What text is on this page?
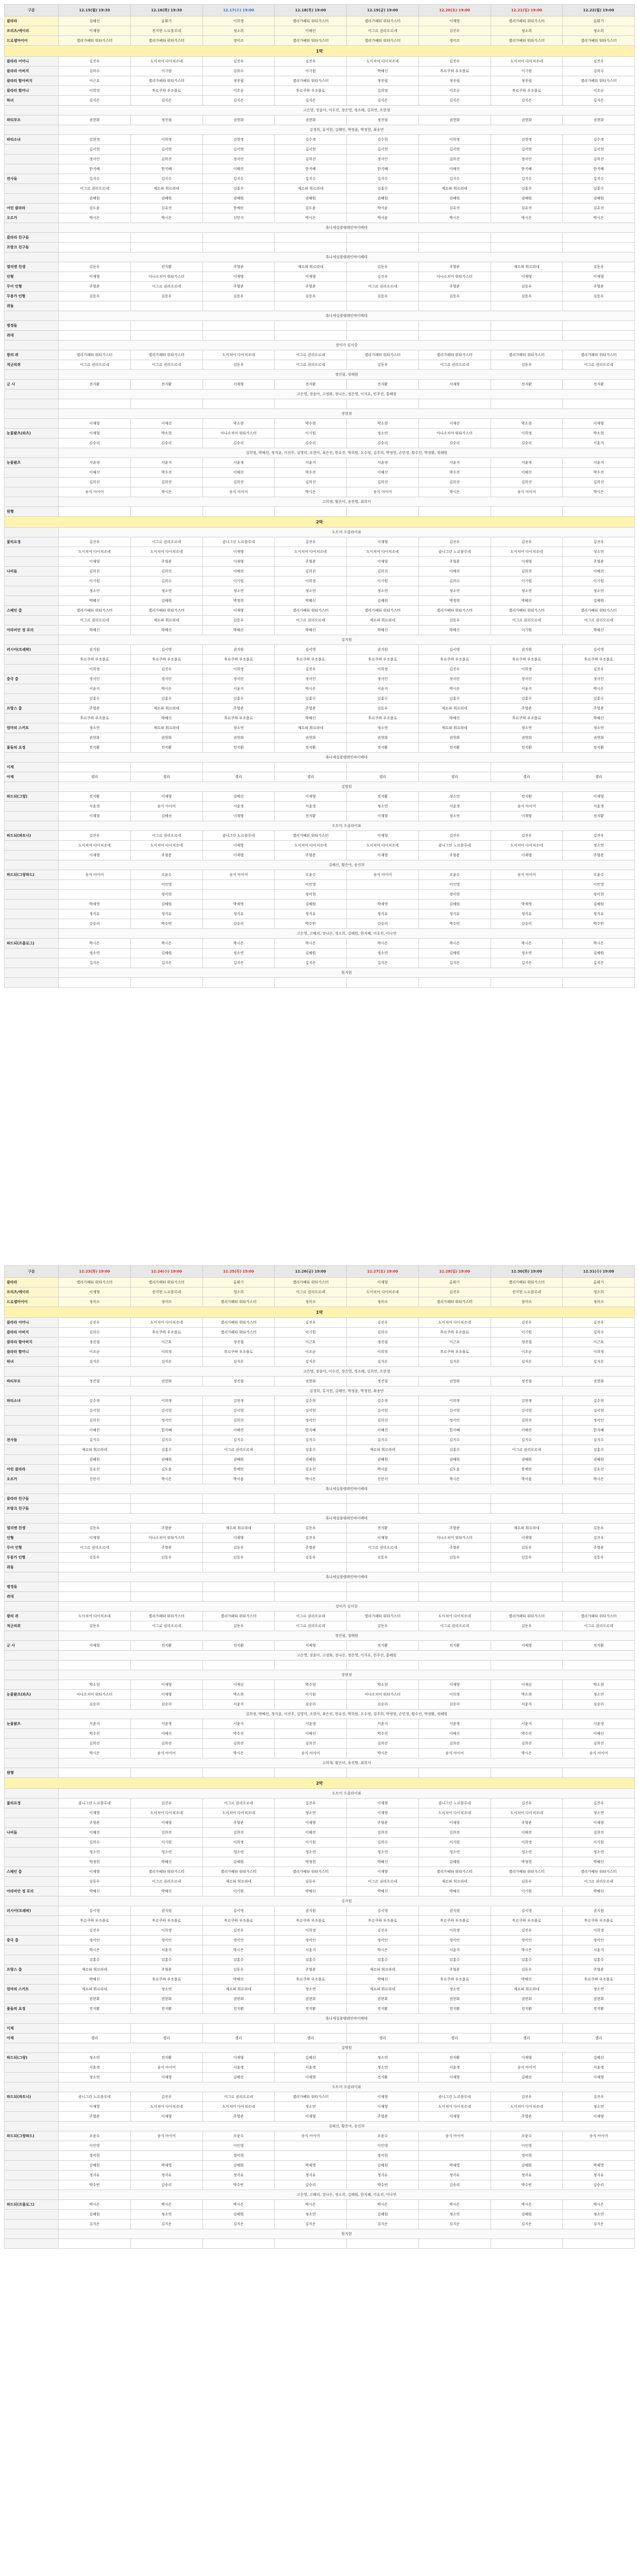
구분	12.15(월) 19:30	12.16(화) 19:30	12.17(수) 19:00	12.18(목) 19:00	12.19(금) 19:00	12.20(토) 19:00	12.21(일) 19:00	12.22(월) 19:00
클라라	김해선	올뷔기	이희정	셸리가페타 워타가스터	셸리가페타 위타가스터	이재형	셸리가페타 워타가스터	올뷔기
프리츠/에이리	이재형	전지현 노르블루네	정소희	이해인	이그르 권리오르네	김진우	정소희	정소희
드로셀마이어	셸리가페타 워타가스터	셸리가페타 위타가스터	정미조	셸리가페타 워타가스터	셸리가페타 워타가스터	정미조	셸리가페타 위타가스터	셸리가페타 워타가스터
1막								
클라라 어머니	김진우	도이치어 다이치조네	김진우	김진우	도이치어 다이치조네	김진우	도이치어 다이치조네	김진우
클라라 아버지	김희수	이기원	김희수	이기원	박해신	후르쿠하 우조플로	이기원	김희수
클라라 할아버지	이근호	셸리가페타 워타가스터	정진필	셸리가페타 워타가스터	정진필	정진필	정진필	셸리가페타 워타가스터
클라라 할머니	이희정	후르쿠하 우조플로	이조순	후르쿠하 우조플로	김희정	이조순	후르쿠하 우조플로	이조순
하녀	김지은	김지은	김지은	김지은	김지은	김지은	김지은	김지은
	고은영, 장윤아, 이수진, 장은영, 정소혜, 김희연, 조현정							
파티부모	권현화	정진필	권현화	권현화	정진필	권현화	권현화	권현화
	김경희, 류지현, 김혜인, 박정윤, 박정현, 최송연							
파티소녀	김현정	이희정	김현정	김수정	김수현	이희정	김현정	김수정
	김서현	김서현	김서현	김서현	김서현	김서현	김서현	김서현
	정서인	김희진	정서인	김희진	정서인	김희진	정서인	김희진
	한지혜	한지혜	이해진	한지혜	한지혜	이해진	한지혜	한지혜
전사들	김지수	김지수	김지수	김지수	김지수	김지수	김지수	김지수
	이그르 권리오르네	제르파 휘르라네	김홍수	제르파 휘르라네	김홍수	제르파 휘르라네	김홍수	김홍수
	권혜원	권혜원	권혜원	권혜원	권혜원	권혜원	권혜원	권혜원
어린 클라라	김도윤	김유진	한예린	김도윤	박서윤	김유진	김유진	김유진
오르가	박시은	박시은	신민서	박시은	박서윤	박시은	박시은	박시은
	휴나셰실블랭레인바이베데							
클라라 친구들								
프랑크 친구들								
	휴나셰실블랭레인바이베데							
열리엔 친생	김동우	전지환	주형준	제르파 휘르라네	김동우	주형준	제르파 휘르라네	김동우
인형	이재형	아나소치아 워타가스터	이재형	이재형	김진우	아나소치아 워타가스터	이재형	이재형
무어 인형	주형준	이그르 권리오르네	주형준	주형준	이그르 권리오르네	주형준	김동우	주형준
무용가 인형	김동우	김동우	김동우	김동우	김동우	김동우	김동우	김동우
쥐들								
	휴나셰실블랭레인바이베데							
병정들								
쥐대								
	장미가 김서중							
왕의 쥐	셸리가페타 워타가스터	셸리가페타 위타가스터	도이치어 다이치조네	이그르 권리오르네	셸리가페타 워타가스터	셸리가페타 위타가스터	셸리가페타 워타가스터	셸리가페타 위타가스터
적군의쥐	이그르 권리오르네	이그르 권리오르네	김동우	이그르 권리오르네	김동우	이그르 권리오르네	김동우	이그르 권리오르네
	정진필, 정해원							
군 사	전지환	전지환	서재형	전지환	전지환	서재형	전지환	전지환
	고은영, 장윤아, 고정화, 장나은, 정은영, 이지유, 민주진, 홍혜원							

	장현정							
	이재형	이재선	박소현	박수현	박소현	이재선	박소현	이재형
눈꽃왈츠(와츠)	이재형	박소현	아나소치아 워타가스터	이기원	정소연	아나소치아 워타가스터	이희정	박소현
	김승리	김승리	김승리	김승리	김승리	김승리	김승리	서윤지
	김희정, 박혜선, 정지윤, 이진주, 김영미, 조현아, 최은진, 한유진, 박희원, 오수정, 김주희, 박정현, 손민경, 황수진, 박정환, 정혜원							
눈꽃왈츠	서윤정	서윤지	서윤정	서윤지	서윤정	서윤지	서윤정	서윤지
	이해신	박수진	이해신	박수진	이해신	박수진	이해신	박수진
	김희진	김희진	김희진	김희진	김희진	김희진	김희진	김희진
	송지 아이어	박시은	송지 아이어	박시은	송지 아이어	박시은	송지 아이어	박시은
	고희재, 황은미, 송진명, 최희서							
원행								
2막								
	도트미 오클라이와							
꽃의요정	김진우	이그르 권리오르네	클니그린 노르블루네	김진우	이재형	김진우	김진우	김진우
	도이치어 다이치조네	도이치어 다이치조네	이재형	도이치어 다이치조네	도이치어 다이치조네	클니그린 노르블루네	도이치어 다이치조네	정소연
	이재형	주형준	이재형	주형준	이재형	주형준	이재형	주형준
나비들	김희진	김희진	이해진	김희진	김희진	이해진	김희진	이해진
	이기원	김희수	이기원	이희정	이기원	김희수	이기원	이기원
	정소연	정소연	정소연	정소연	정소연	정소연	정소연	정소연
	박혜신	김해원	박정현	박혜신	김해원	박정현	박혜신	김해원
스페인 춤	셸리가페타 워타가스터	셸리가페타 워타가스터	이재형	셸리가페타 워타가스터	셸리가페타 워타가스터	셸리가페타 워타가스터	셸리가페타 워타가스터	셸리가페타 워타가스터
	이그르 권리오르네	제르파 휘르라네	김동우	이그르 권리오르네	제르파 휘르라네	김동우	이그르 권리오르네	이그르 권리오르네
아라비안 정 포리	박해신	박해신	박해신	박해신	박해신	박해신	이기원	박해신
	김지원							
러시아(트레팍)	권지원	김서영	권지원	김서영	권지원	김서영	권지원	김서영
	후르쿠하 우조플로	후르쿠하 우조플로	후르쿠하 우조플로	후르쿠하 우조플로	후르쿠하 우조플로	후르쿠하 우조플로	후르쿠하 우조플로	후르쿠하 우조플로
	이희정	김진우	이희정	김진우	이희정	김진우	이희정	김진우
중국 춤	정서인	정서인	정서인	정서인	정서인	정서인	정서인	정서인
	서윤지	박시은	서윤지	박시은	서윤지	박시은	서윤지	박시은
	김홍수	김홍수	김홍수	김홍수	김홍수	김홍수	김홍수	김홍수
프랑스 춤	주형준	제르파 휘르라네	주형준	주형준	김동우	제르파 휘르라네	주형준	주형준
	후르쿠하 우조플로	박해신	후르쿠하 우조플로	박해신	후르쿠하 우조플로	박해신	후르쿠하 우조플로	박해신
엄마의 스커트	정소연	제르파 휘르라네	정소연	제르파 휘르라네	정소연	제르파 휘르라네	정소연	정소연
	권현화	권현화	권현화	권현화	권현화	권현화	권현화	권현화
꽃들의 요정	전지환	전지환	전지환	전지환	전지환	전지환	전지환	전지환
	휴나셰실블랭레인바이베데							
이제								
아제	셸리	셸리	셸리	셸리	셸리	셸리	셸리	셸리
	김명원							
파드되(그랑)	전지환	이재형	김해선	이재형	전지환	정소연	전지환	이재형
	서윤정	송지 아이어	서윤정	서윤정	정소연	서윤정	송지 아이어	서윤정
	이재형	김해선	이재형	전지환	이재형	정소연	이재형	전지환
	도트미 오클라이와							
파드되(파트너)	김진우	이그르 권리오르네	클니그린 노르블루네	셸리가페타 워타가스터	이재형	김진우	김진우	김진우
	도이치어 다이치조네	도이치어 다이치조네	이재형	도이치어 다이치조네	도이치어 다이치조네	클니그린 노르블루네	도이치어 다이치조네	정소연
	이재형	주형준	이재형	주형준	이재형	주형준	이재형	주형준
	김해신, 황은아, 송진희							
파드되(그랑파드)	송지 아이어	조윤수	송지 아이어	조윤수	송지 아이어	조윤수	송지 아이어	조윤수
		이인영		이인영		이인영		이인영
		정미현		정미현		정미현		정미현
	박제영	김해원	박제영	김해원	박제영	김해원	박제영	김해원
	정지유	정지유	정지유	정지유	정지유	정지유	정지유	정지유
	김승리	박수빈	김승리	박수빈	김승리	박수빈	김승리	박수빈
	고은영, 고혜리, 장나은, 정소희, 김해원, 한지혜, 이유진, 이나연							
파드되(프롤로그)	박시은	박시은	박시은	박시은	박시은	박시은	박시은	박시은
	정소연	김해원	정소연	김해원	정소연	김해원	정소연	김해원
	김지은	김지은	김지은	김지은	김지은	김지은	김지은	김지은
	원지현							

구분	12.23(화) 19:00	12.24(수) 19:00	12.25(목) 15:00	12.26(금) 19:00	12.27(토) 19:00	12.28(일) 19:00	12.30(화) 19:00	12.31(수) 19:00
클라라	셸리가페타 워타가스터	셸리가페타 워타가스터	올뷔기	셸리가페타 워타가스터	이재형	올뷔기	셸리가페타 워타가스터	올뷔기
프리츠/에이리	이재형	전지현 노르블루네	정소희	이그르 권리오르네	도이치어 다이치조네	김진우	전지현 노르블루네	정소희
드로셀마이어	정미조	정미조	셸리가페타 워타가스터	정미조	정미조	셸리가페타 워타가스터	정미조	정미조
1막								
클라라 어머니	김진우	도이치어 다이치조네	셸리가페타 워타가스터	김진우	김진우	도이치어 다이치조네	김진우	김진우
클라라 아버지	김희수	후르쿠하 우조플로	셸리가페타 워타가스터	이기원	김희수	후르쿠하 우조플로	이기원	김희수
클라라 할아버지	정진필	이근호	정진필	이근호	정진필	이근호	정진필	이근호
클라라 할머니	이조순	이희정	후르쿠하 우조플로	이조순	이희정	후르쿠하 우조플로	이조순	이희정
하녀	김지은	김지은	김지은	김지은	김지은	김지은	김지은	김지은
	고은영, 장윤아, 이수진, 장은영, 정소혜, 김희연, 조현정							
파티부모	정진필	권현화	정진필	권현화	정진필	권현화	정진필	권현화
	김경희, 류지현, 김혜인, 박정윤, 박정현, 최송연							
파티소녀	김수정	이희정	김현정	김수현	김수정	이희정	김현정	김수현
	김서현	김서현	김서현	김서현	김서현	김서현	김서현	김서현
	김희진	정서인	김희진	정서인	김희진	정서인	김희진	정서인
	이해진	한지혜	이해진	한지혜	이해진	한지혜	이해진	한지혜
전사들	김지수	김지수	김지수	김지수	김지수	김지수	김지수	김지수
	제르파 휘르라네	김홍수	이그르 권리오르네	김홍수	제르파 휘르라네	김홍수	이그르 권리오르네	김홍수
	권혜원	권혜원	권혜원	권혜원	권혜원	권혜원	권혜원	권혜원
어린 클라라	김유진	김도윤	한예린	김유진	박서윤	김도윤	한예린	김유진
오르가	신민서	박시은	박서윤	박시은	신민서	박시은	박서윤	박시은
	휴나셰실블랭레인바이베데							
클라라 친구들								
프랑크 친구들								
	휴나셰실블랭레인바이베데							
열리엔 친생	김동우	주형준	제르파 휘르라네	김동우	전지환	주형준	제르파 휘르라네	김동우
인형	이재형	아나소치아 워타가스터	이재형	김진우	이재형	아나소치아 워타가스터	이재형	김진우
무어 인형	이그르 권리오르네	주형준	김동우	주형준	이그르 권리오르네	주형준	김동우	주형준
무용가 인형	김동우	김동우	김동우	김동우	김동우	김동우	김동우	김동우
쥐들								
	휴나셰실블랭레인바이베데							
병정들								
쥐대								
	장미가 김서중							
왕의 쥐	도이치어 다이치조네	셸리가페타 워타가스터	셸리가페타 위타가스터	이그르 권리오르네	셸리가페타 워타가스터	도이치어 다이치조네	셸리가페타 워타가스터	셸리가페타 위타가스터
적군의쥐	김동우	이그르 권리오르네	김동우	이그르 권리오르네	김동우	이그르 권리오르네	김동우	이그르 권리오르네
	정진필, 정해원							
군 사	서재형	전지환	전지환	서재형	전지환	전지환	서재형	전지환
	고은영, 장윤아, 고정화, 장나은, 정은영, 이지유, 민주진, 홍혜원							

	장현정							
	박소현	이재형	이재선	박수현	박소현	이재형	이재선	박소현
눈꽃왈츠(와츠)	아나소치아 워타가스터	이재형	박소현	이기원	아나소치아 워타가스터	이희정	박소현	정소연
	김승리	김승리	서윤지	김승리	김승리	김승리	서윤지	김승리
	김희정, 박혜선, 정지윤, 이진주, 김영미, 조현아, 최은진, 한유진, 박희원, 오수정, 김주희, 박정현, 손민경, 황수진, 박정환, 정혜원							
눈꽃왈츠	서윤지	서윤정	서윤지	서윤정	서윤지	서윤정	서윤지	서윤정
	박수진	이해신	박수진	이해신	박수진	이해신	박수진	이해신
	김희진	김희진	김희진	김희진	김희진	김희진	김희진	김희진
	박시은	송지 아이어	박시은	송지 아이어	박시은	송지 아이어	박시은	송지 아이어
	고희재, 황은미, 송진명, 최희서							
원행								
2막								
	도트미 오클라이와							
꽃의요정	클니그린 노르블루네	김진우	이그르 권리오르네	김진우	이재형	클니그린 노르블루네	김진우	김진우
	이재형	도이치어 다이치조네	도이치어 다이치조네	정소연	이재형	도이치어 다이치조네	도이치어 다이치조네	정소연
	주형준	이재형	주형준	이재형	주형준	이재형	주형준	이재형
나비들	이해진	김희진	김희진	이해진	김희진	김희진	이해진	김희진
	김희수	이기원	이희정	이기원	김희수	이기원	이희정	이기원
	정소연	정소연	정소연	정소연	정소연	정소연	정소연	정소연
	박정현	박혜신	김해원	박정현	박혜신	김해원	박정현	박혜신
스페인 춤	이재형	셸리가페타 워타가스터	셸리가페타 워타가스터	셸리가페타 워타가스터	이재형	셸리가페타 워타가스터	셸리가페타 워타가스터	셸리가페타 워타가스터
	김동우	이그르 권리오르네	제르파 휘르라네	김동우	이그르 권리오르네	제르파 휘르라네	김동우	이그르 권리오르네
아라비안 정 포리	박해신	박해신	이기원	박해신	박해신	박해신	이기원	박해신
	김지원							
러시아(트레팍)	김서영	권지원	김서영	권지원	김서영	권지원	김서영	권지원
	후르쿠하 우조플로	후르쿠하 우조플로	후르쿠하 우조플로	후르쿠하 우조플로	후르쿠하 우조플로	후르쿠하 우조플로	후르쿠하 우조플로	후르쿠하 우조플로
	김진우	이희정	김진우	이희정	김진우	이희정	김진우	이희정
중국 춤	정서인	정서인	정서인	정서인	정서인	정서인	정서인	정서인
	박시은	서윤지	박시은	서윤지	박시은	서윤지	박시은	서윤지
	김홍수	김홍수	김홍수	김홍수	김홍수	김홍수	김홍수	김홍수
프랑스 춤	제르파 휘르라네	주형준	김동우	주형준	제르파 휘르라네	주형준	김동우	주형준
	박해신	후르쿠하 우조플로	박해신	후르쿠하 우조플로	박해신	후르쿠하 우조플로	박해신	후르쿠하 우조플로
엄마의 스커트	제르파 휘르라네	정소연	제르파 휘르라네	정소연	제르파 휘르라네	정소연	제르파 휘르라네	정소연
	권현화	권현화	권현화	권현화	권현화	권현화	권현화	권현화
꽃들의 요정	전지환	전지환	전지환	전지환	전지환	전지환	전지환	전지환
	휴나셰실블랭레인바이베데							
이제								
아제	셸리	셸리	셸리	셸리	셸리	셸리	셸리	셸리
	김명원							
파드되(그랑)	정소연	전지환	이재형	김해선	정소연	전지환	이재형	김해선
	서윤정	송지 아이어	서윤정	서윤정	정소연	서윤정	송지 아이어	서윤정
	정소연	이재형	김해선	이재형	전지환	이재형	김해선	이재형
	도트미 오클라이와							
파드되(파트너)	클니그린 노르블루네	김진우	이그르 권리오르네	셸리가페타 워타가스터	이재형	클니그린 노르블루네	김진우	김진우
	이재형	도이치어 다이치조네	도이치어 다이치조네	정소연	이재형	도이치어 다이치조네	도이치어 다이치조네	정소연
	주형준	이재형	주형준	이재형	주형준	이재형	주형준	이재형
	김해신, 황은아, 송진희							
파드되(그랑파드)	조윤수	송지 아이어	조윤수	송지 아이어	조윤수	송지 아이어	조윤수	송지 아이어
	이인영		이인영		이인영		이인영	
	정미현		정미현		정미현		정미현	
	김해원	박제영	김해원	박제영	김해원	박제영	김해원	박제영
	정지유	정지유	정지유	정지유	정지유	정지유	정지유	정지유
	박수빈	김승리	박수빈	김승리	박수빈	김승리	박수빈	김승리
	고은영, 고혜리, 장나은, 정소희, 김해원, 한지혜, 이유진, 이나연							
파드되(프롤로그)	박시은	박시은	박시은	박시은	박시은	박시은	박시은	박시은
	김해원	정소연	김해원	정소연	김해원	정소연	김해원	정소연
	김지은	김지은	김지은	김지은	김지은	김지은	김지은	김지은
	원지현							
